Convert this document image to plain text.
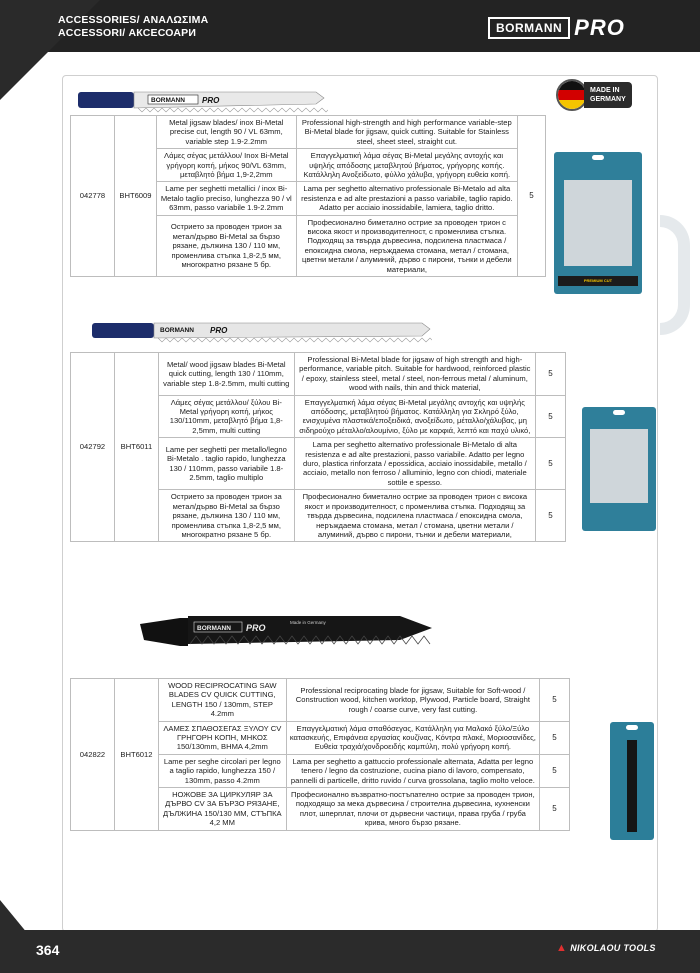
ACCESSORIES/ ΑΝΑΛΩΣΙΜΑ
ACCESSORI/ АКСЕСОАРИ	BORMANN PRO
MADE IN
GERMANY
BORMANN PRO
PREMIUM CUT
042778	BHT6009	Metal jigsaw blades/ inox Bi-Metal precise cut, length 90 / VL 63mm, variable step 1.9-2.2mm	Professional high-strength and high performance variable-step Bi-Metal blade for jigsaw, quick cutting. Suitable for Stainless steel, sheet steel, straight cut.	5
		Λάμες σέγας μετάλλου/ Inox Bi-Metal γρήγορη κοπή, μήκος 90/VL 63mm, μεταβλητό βήμα 1,9-2,2mm	Επαγγελματική λάμα σέγας Bi-Metal μεγάλης αντοχής και υψηλής απόδοσης μεταβλητού βήματος, γρήγορης κοπής. Κατάλληλη Ανοξείδωτο, φύλλο χάλυβα, γρήγορη ευθεία κοπή.	
		Lame per seghetti metallici / inox Bi-Metalo taglio preciso, lunghezza 90 / vl 63mm, passo variabile 1.9-2.2mm	Lama per seghetto alternativo professionale Bi-Metalo ad alta resistenza e ad alte prestazioni a passo variabile, taglio rapido. Adatto per acciaio inossidabile, lamiera, taglio dritto.	
		Острието за проводен трион за метал/дърво Bi-Metal за бързо рязане, дължина 130 / 110 мм, променлива стъпка 1,8-2,5 мм, многократно рязане 5 бр.	Професионално биметално острие за проводен трион с висока якост и производителност, с променлива стъпка. Подходящ за твърда дървесина, подсилена пластмаса / епоксидна смола, неръждаема стомана, метал / стомана, цветни метали / алуминий, дърво с пирони, тънки и дебели материали,	
BORMANN PRO
042792	BHT6011	Metal/ wood jigsaw blades Bi-Metal quick cutting, length 130 / 110mm, variable step 1.8-2.5mm, multi cutting	Professional Bi-Metal blade for jigsaw of high strength and high-performance, variable pitch. Suitable for hardwood, reinforced plastic / epoxy, stainless steel, metal / steel, non-ferrous metal / aluminum, wood with nails, thin and thick material,	5
		Λάμες σέγας μετάλλου/ ξύλου Bi-Metal γρήγορη κοπή, μήκος 130/110mm, μεταβλητό βήμα 1,8-2,5mm, multi cutting	Επαγγελματική λάμα σέγας Bi-Metal μεγάλης αντοχής και υψηλής απόδοσης, μεταβλητού βήματος. Κατάλληλη για Σκληρό ξύλο, ενισχυμένα πλαστικά/εποξειδικά, ανοξείδωτο, μέταλλο/χάλυβας, μη σιδηρούχο μέταλλο/αλουμίνιο, ξύλο με καρφιά, λεπτό και παχύ υλικό,	5
		Lame per seghetti per metallo/legno Bi-Metalo . taglio rapido, lunghezza 130 / 110mm, passo variabile 1.8-2.5mm, taglio multiplo	Lama per seghetto alternativo professionale Bi-Metalo di alta resistenza e ad alte prestazioni, passo variabile. Adatto per legno duro, plastica rinforzata / epossidica, acciaio inossidabile, metallo / acciaio, metallo non ferroso / alluminio, legno con chiodi, materiale sottile e spesso.	5
		Острието за проводен трион за метал/дърво Bi-Metal за бързо рязане, дължина 130 / 110 мм, променлива стъпка 1,8-2,5 мм, многократно рязане 5 бр.	Професионално биметално острие за проводен трион с висока якост и производителност, с променлива стъпка. Подходящ за твърда дървесина, подсилена пластмаса / епоксидна смола, неръждаема стомана, метал / стомана, цветни метали / алуминий, дърво с пирони, тънки и дебели материали,	5
BORMANN PRO
Made in Germany
042822	BHT6012	WOOD RECIPROCATING SAW BLADES CV QUICK CUTTING, LENGTH 150 / 130mm, STEP 4.2mm	Professional reciprocating blade for jigsaw, Suitable for Soft-wood / Construction wood, kitchen worktop, Plywood, Particle board, Straight rough / coarse curve, very fast cutting.	5
		ΛΑΜΕΣ ΣΠΑΘΟΣΕΓΑΣ ΞΥΛΟΥ CV ΓΡΗΓΟΡΗ ΚΟΠΗ, ΜΗΚΟΣ 150/130mm, ΒΗΜΑ 4,2mm	Επαγγελματική λάμα σπαθόσεγας, Κατάλληλη για Μαλακό ξύλο/Ξύλο κατασκευής, Επιφάνεια εργασίας κουζίνας, Κόντρα πλακέ, Μοριοσανίδες, Ευθεία τραχιά/χονδροειδής καμπύλη, πολύ γρήγορη κοπή.	5
		Lame per seghe circolari per legno a taglio rapido, lunghezza 150 / 130mm, passo 4.2mm	Lama per seghetto a gattuccio professionale alternata, Adatta per legno tenero / legno da costruzione, cucina piano di lavoro, compensato, pannelli di particelle, dritto ruvido / curva grossolana, taglio molto veloce.	5
		НОЖОВЕ ЗА ЦИРКУЛЯР ЗА ДЪРВО CV ЗА БЪРЗО РЯЗАНЕ, ДЪЛЖИНА 150/130 ММ, СТЪПКА 4,2 ММ	Професионално възвратно-постъпателно острие за проводен трион, подходящо за мека дървесина / строителна дървесина, кухненски плот, шперплат, плочи от дървесни частици, права груба / груба крива, много бързо рязане.	5
364	▲ NIKOLAOU TOOLS
